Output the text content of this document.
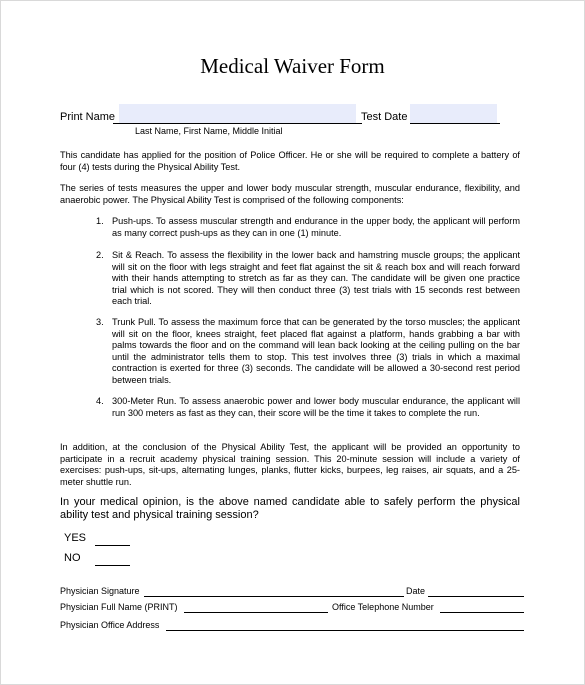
Medical Waiver Form
Print Name	Test Date
Last Name, First Name, Middle Initial
This candidate has applied for the position of Police Officer. He or she will be required to complete a battery of four (4) tests during the Physical Ability Test.
The series of tests measures the upper and lower body muscular strength, muscular endurance, flexibility, and anaerobic power. The Physical Ability Test is comprised of the following components:
1. Push-ups. To assess muscular strength and endurance in the upper body, the applicant will perform as many correct push-ups as they can in one (1) minute.
2. Sit & Reach. To assess the flexibility in the lower back and hamstring muscle groups; the applicant will sit on the floor with legs straight and feet flat against the sit & reach box and will reach forward with their hands attempting to stretch as far as they can. The candidate will be given one practice trial which is not scored. They will then conduct three (3) test trials with 15 seconds rest between each trial.
3. Trunk Pull. To assess the maximum force that can be generated by the torso muscles; the applicant will sit on the floor, knees straight, feet placed flat against a platform, hands grabbing a bar with palms towards the floor and on the command will lean back looking at the ceiling pulling on the bar until the administrator tells them to stop. This test involves three (3) trials in which a maximal contraction is exerted for three (3) seconds. The candidate will be allowed a 30-second rest period between trials.
4. 300-Meter Run. To assess anaerobic power and lower body muscular endurance, the applicant will run 300 meters as fast as they can, their score will be the time it takes to complete the run.
In addition, at the conclusion of the Physical Ability Test, the applicant will be provided an opportunity to participate in a recruit academy physical training session. This 20-minute session will include a variety of exercises: push-ups, sit-ups, alternating lunges, planks, flutter kicks, burpees, leg raises, air squats, and a 25-meter shuttle run.
In your medical opinion, is the above named candidate able to safely perform the physical ability test and physical training session?
YES
NO
Physician Signature	Date
Physician Full Name (PRINT)	Office Telephone Number
Physician Office Address
